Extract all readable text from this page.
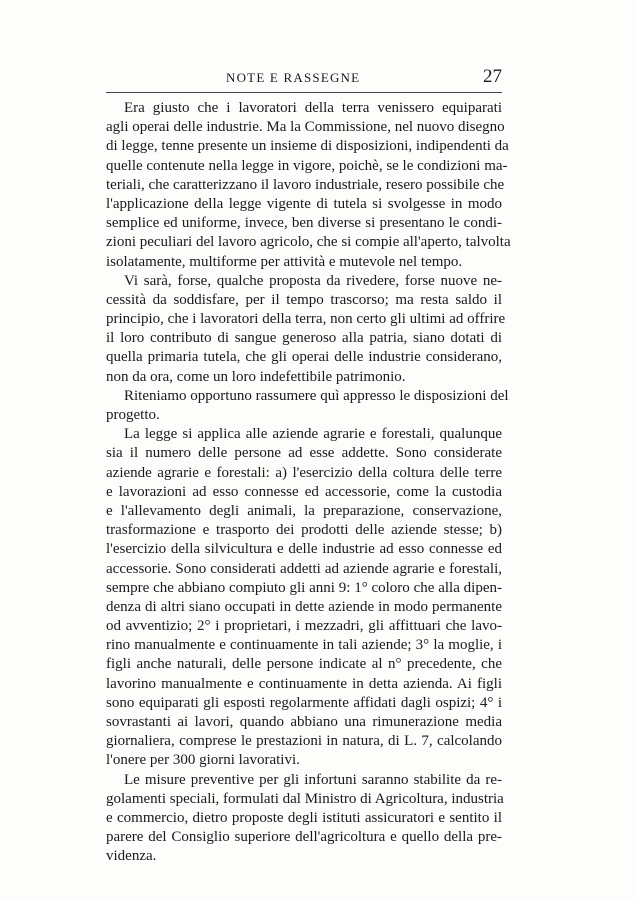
NOTE E RASSEGNE	27
Era giusto che i lavoratori della terra venissero equiparati
agli operai delle industrie. Ma la Commissione, nel nuovo disegno
di legge, tenne presente un insieme di disposizioni, indipendenti da
quelle contenute nella legge in vigore, poichè, se le condizioni ma-
teriali, che caratterizzano il lavoro industriale, resero possibile che
l'applicazione della legge vigente di tutela si svolgesse in modo
semplice ed uniforme, invece, ben diverse si presentano le condi-
zioni peculiari del lavoro agricolo, che si compie all'aperto, talvolta
isolatamente, multiforme per attività e mutevole nel tempo.
Vi sarà, forse, qualche proposta da rivedere, forse nuove ne-
cessità da soddisfare, per il tempo trascorso; ma resta saldo il
principio, che i lavoratori della terra, non certo gli ultimi ad offrire
il loro contributo di sangue generoso alla patria, siano dotati di
quella primaria tutela, che gli operai delle industrie considerano,
non da ora, come un loro indefettibile patrimonio.
Riteniamo opportuno rassumere quì appresso le disposizioni del
progetto.
La legge si applica alle aziende agrarie e forestali, qualunque
sia il numero delle persone ad esse addette. Sono considerate
aziende agrarie e forestali: a) l'esercizio della coltura delle terre
e lavorazioni ad esso connesse ed accessorie, come la custodia
e l'allevamento degli animali, la preparazione, conservazione,
trasformazione e trasporto dei prodotti delle aziende stesse; b)
l'esercizio della silvicultura e delle industrie ad esso connesse ed
accessorie. Sono considerati addetti ad aziende agrarie e forestali,
sempre che abbiano compiuto gli anni 9: 1° coloro che alla dipen-
denza di altri siano occupati in dette aziende in modo permanente
od avventizio; 2° i proprietari, i mezzadri, gli affittuari che lavo-
rino manualmente e continuamente in tali aziende; 3° la moglie, i
figli anche naturali, delle persone indicate al n° precedente, che
lavorino manualmente e continuamente in detta azienda. Ai figli
sono equiparati gli esposti regolarmente affidati dagli ospizi; 4° i
sovrastanti ai lavori, quando abbiano una rimunerazione media
giornaliera, comprese le prestazioni in natura, di L. 7, calcolando
l'onere per 300 giorni lavorativi.
Le misure preventive per gli infortuni saranno stabilite da re-
golamenti speciali, formulati dal Ministro di Agricoltura, industria
e commercio, dietro proposte degli istituti assicuratori e sentito il
parere del Consiglio superiore dell'agricoltura e quello della pre-
videnza.
